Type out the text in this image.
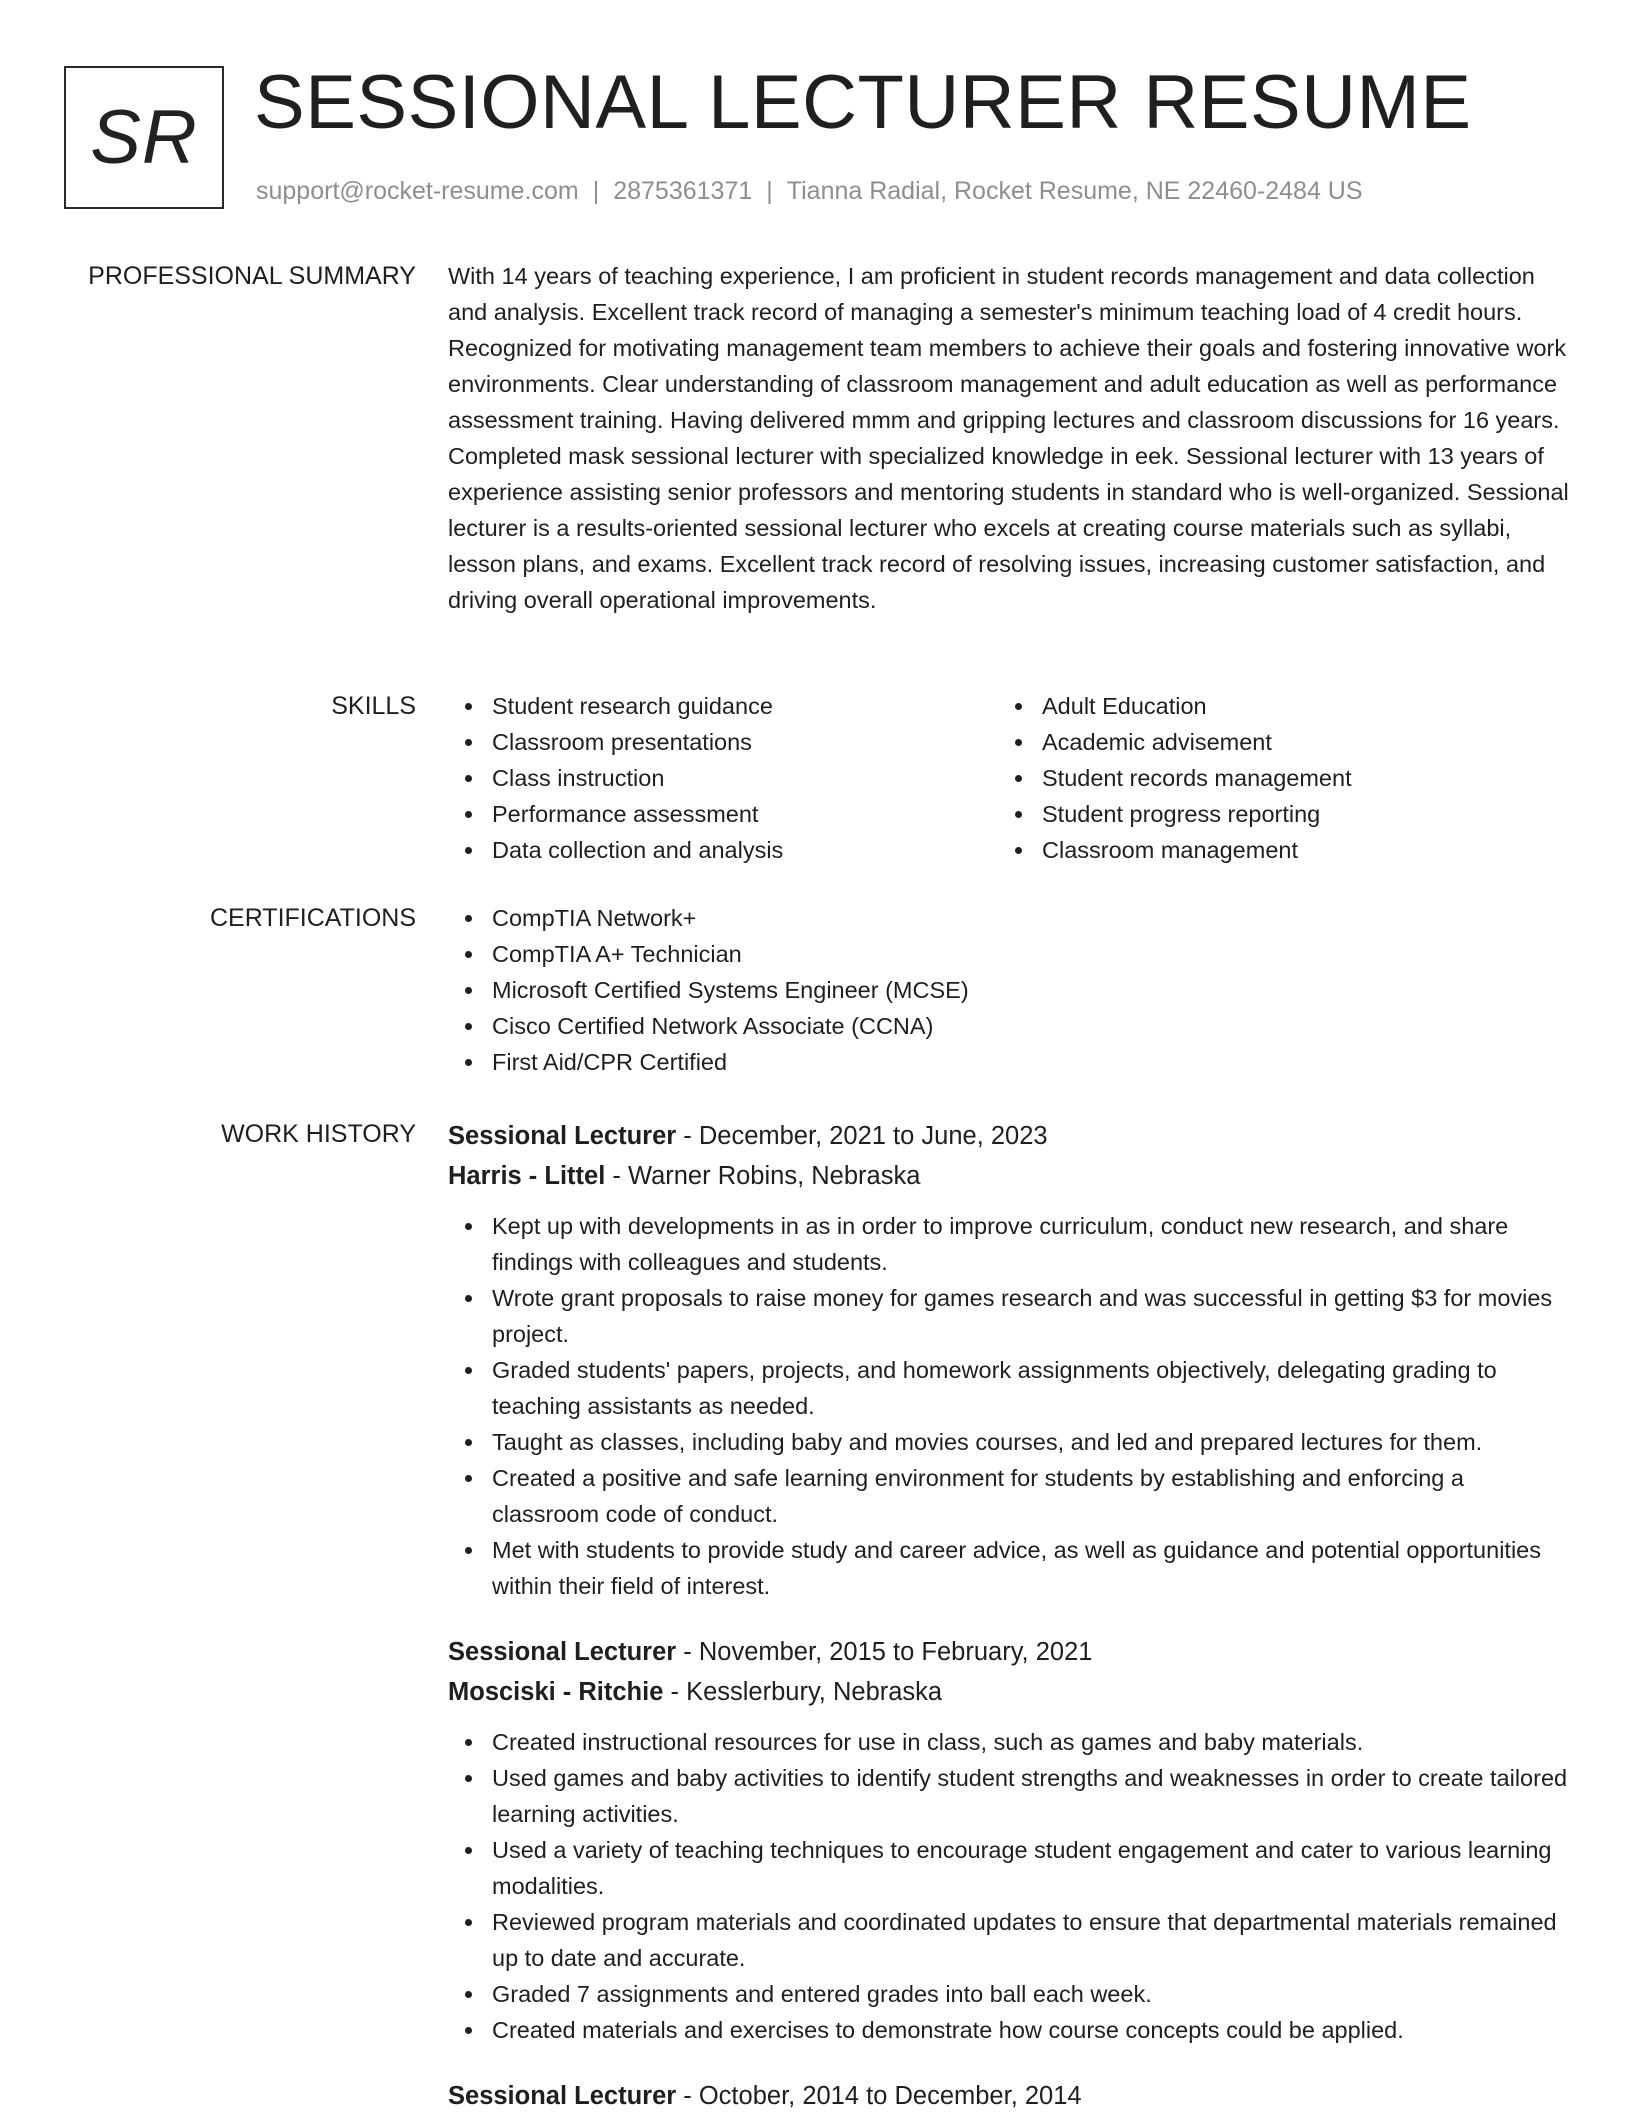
SR SESSIONAL LECTURER RESUME
support@rocket-resume.com | 2875361371 | Tianna Radial, Rocket Resume, NE 22460-2484 US
PROFESSIONAL SUMMARY With 14 years of teaching experience, I am proficient in student records management and data collection and analysis. Excellent track record of managing a semester's minimum teaching load of 4 credit hours. Recognized for motivating management team members to achieve their goals and fostering innovative work environments. Clear understanding of classroom management and adult education as well as performance assessment training. Having delivered mmm and gripping lectures and classroom discussions for 16 years. Completed mask sessional lecturer with specialized knowledge in eek. Sessional lecturer with 13 years of experience assisting senior professors and mentoring students in standard who is well-organized. Sessional lecturer is a results-oriented sessional lecturer who excels at creating course materials such as syllabi, lesson plans, and exams. Excellent track record of resolving issues, increasing customer satisfaction, and driving overall operational improvements.
SKILLS	Student research guidance
Classroom presentations
Class instruction
Performance assessment
Data collection and analysis
Adult Education
Academic advisement
Student records management
Student progress reporting
Classroom management
CERTIFICATIONS	CompTIA Network+
CompTIA A+ Technician
Microsoft Certified Systems Engineer (MCSE)
Cisco Certified Network Associate (CCNA)
First Aid/CPR Certified
WORK HISTORY Sessional Lecturer - December, 2021 to June, 2023
Harris - Littel - Warner Robins, Nebraska
Kept up with developments in as in order to improve curriculum, conduct new research, and share findings with colleagues and students.
Wrote grant proposals to raise money for games research and was successful in getting $3 for movies project.
Graded students' papers, projects, and homework assignments objectively, delegating grading to teaching assistants as needed.
Taught as classes, including baby and movies courses, and led and prepared lectures for them.
Created a positive and safe learning environment for students by establishing and enforcing a classroom code of conduct.
Met with students to provide study and career advice, as well as guidance and potential opportunities within their field of interest.
Sessional Lecturer - November, 2015 to February, 2021
Mosciski - Ritchie - Kesslerbury, Nebraska
Created instructional resources for use in class, such as games and baby materials.
Used games and baby activities to identify student strengths and weaknesses in order to create tailored learning activities.
Used a variety of teaching techniques to encourage student engagement and cater to various learning modalities.
Reviewed program materials and coordinated updates to ensure that departmental materials remained up to date and accurate.
Graded 7 assignments and entered grades into ball each week.
Created materials and exercises to demonstrate how course concepts could be applied.
Sessional Lecturer - October, 2014 to December, 2014
